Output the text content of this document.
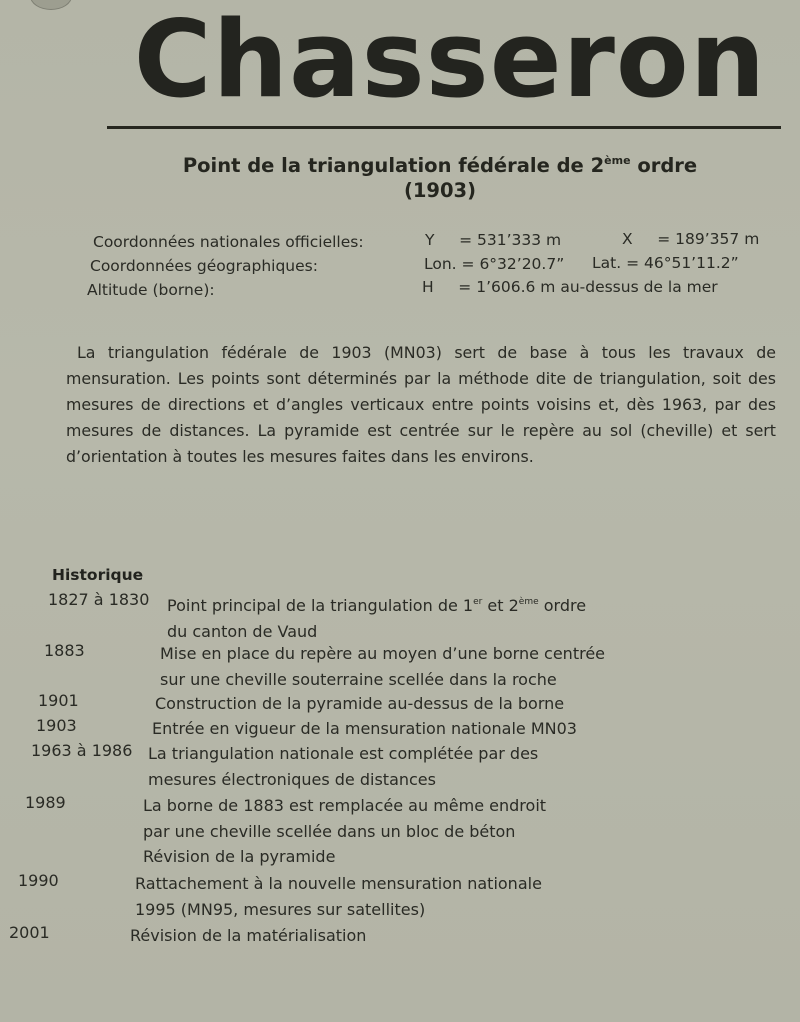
Chasseron
Point de la triangulation fédérale de 2ème ordre
(1903)
Coordonnées nationales officielles:	Y     = 531’333 m	X     = 189’357 m
Coordonnées géographiques:	Lon. = 6°32’20.7” Lat. = 46°51’11.2”
Altitude (borne):	H     = 1’606.6 m au-dessus de la mer

La triangulation fédérale de 1903 (MN03) sert de base à tous les travaux de mensuration. Les points sont déterminés par la méthode dite de triangulation, soit des mesures de directions et d’angles verticaux entre points voisins et, dès 1963, par des mesures de distances. La pyramide est centrée sur le repère au sol (cheville) et sert d’orientation à toutes les mesures faites dans les environs.

Historique
1827 à 1830 Point principal de la triangulation de 1er et 2ème ordre
du canton de Vaud
1883	Mise en place du repère au moyen d’une borne centrée
sur une cheville souterraine scellée dans la roche
1901	Construction de la pyramide au-dessus de la borne
1903	Entrée en vigueur de la mensuration nationale MN03
1963 à 1986 La triangulation nationale est complétée par des
mesures électroniques de distances
1989	La borne de 1883 est remplacée au même endroit
par une cheville scellée dans un bloc de béton
Révision de la pyramide
1990	Rattachement à la nouvelle mensuration nationale
1995 (MN95, mesures sur satellites)
2001	Révision de la matérialisation
